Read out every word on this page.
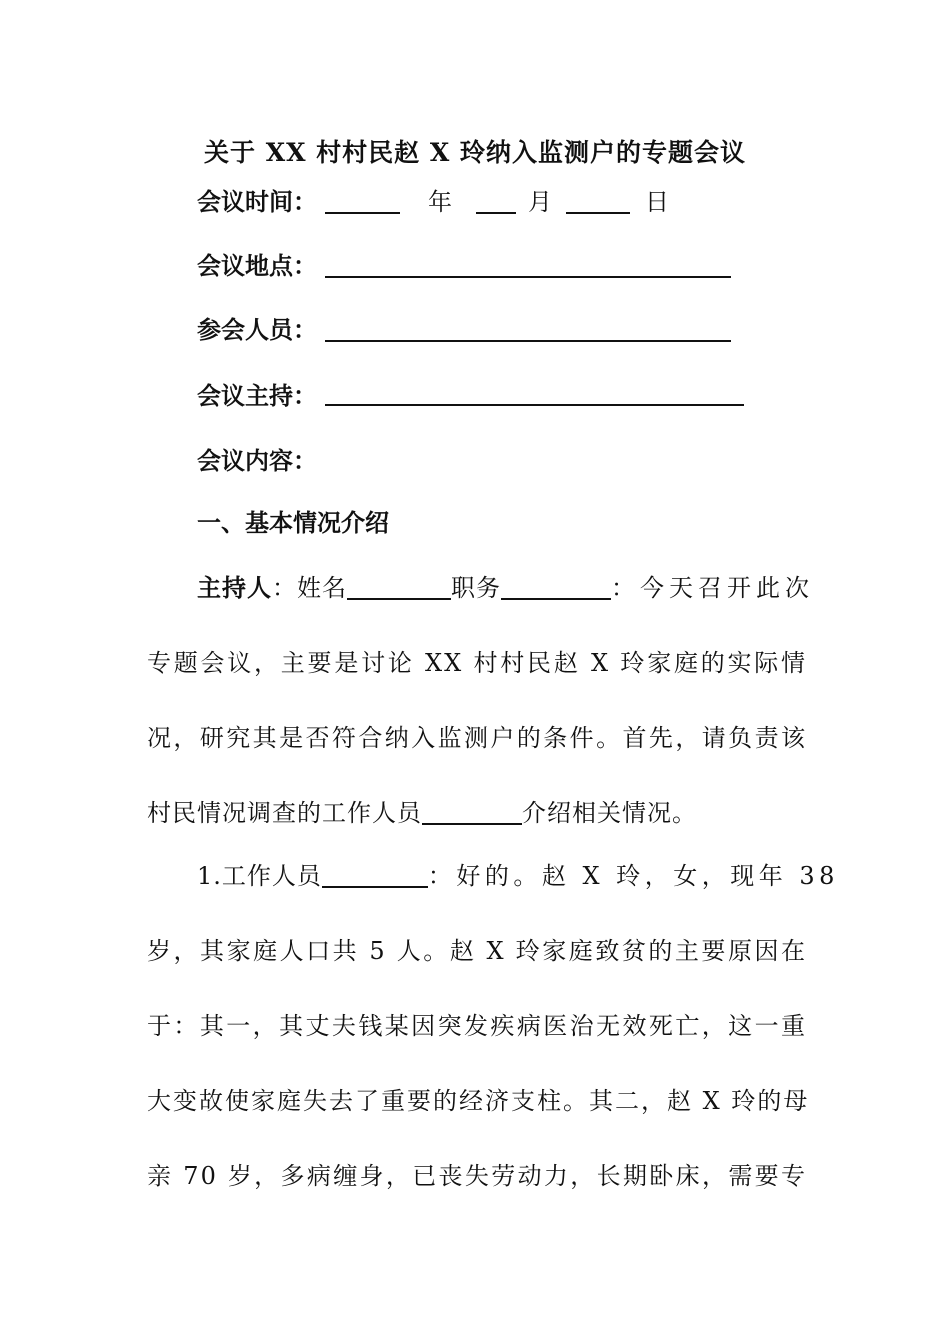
关于 XX 村村民赵 X 玲纳入监测户的专题会议
会议时间：	年	月	日
会议地点：
参会人员：
会议主持：
会议内容：
一、基本情况介绍
主持人：姓名	职务	：今天召开此次
专题会议，主要是讨论 XX 村村民赵 X 玲家庭的实际情
况，研究其是否符合纳入监测户的条件。首先，请负责该
村民情况调查的工作人员	介绍相关情况。
1.工作人员	：好的。赵 X 玲，女，现年 38
岁，其家庭人口共 5 人。赵 X 玲家庭致贫的主要原因在
于：其一，其丈夫钱某因突发疾病医治无效死亡，这一重
大变故使家庭失去了重要的经济支柱。其二，赵 X 玲的母
亲 70 岁，多病缠身，已丧失劳动力，长期卧床，需要专
